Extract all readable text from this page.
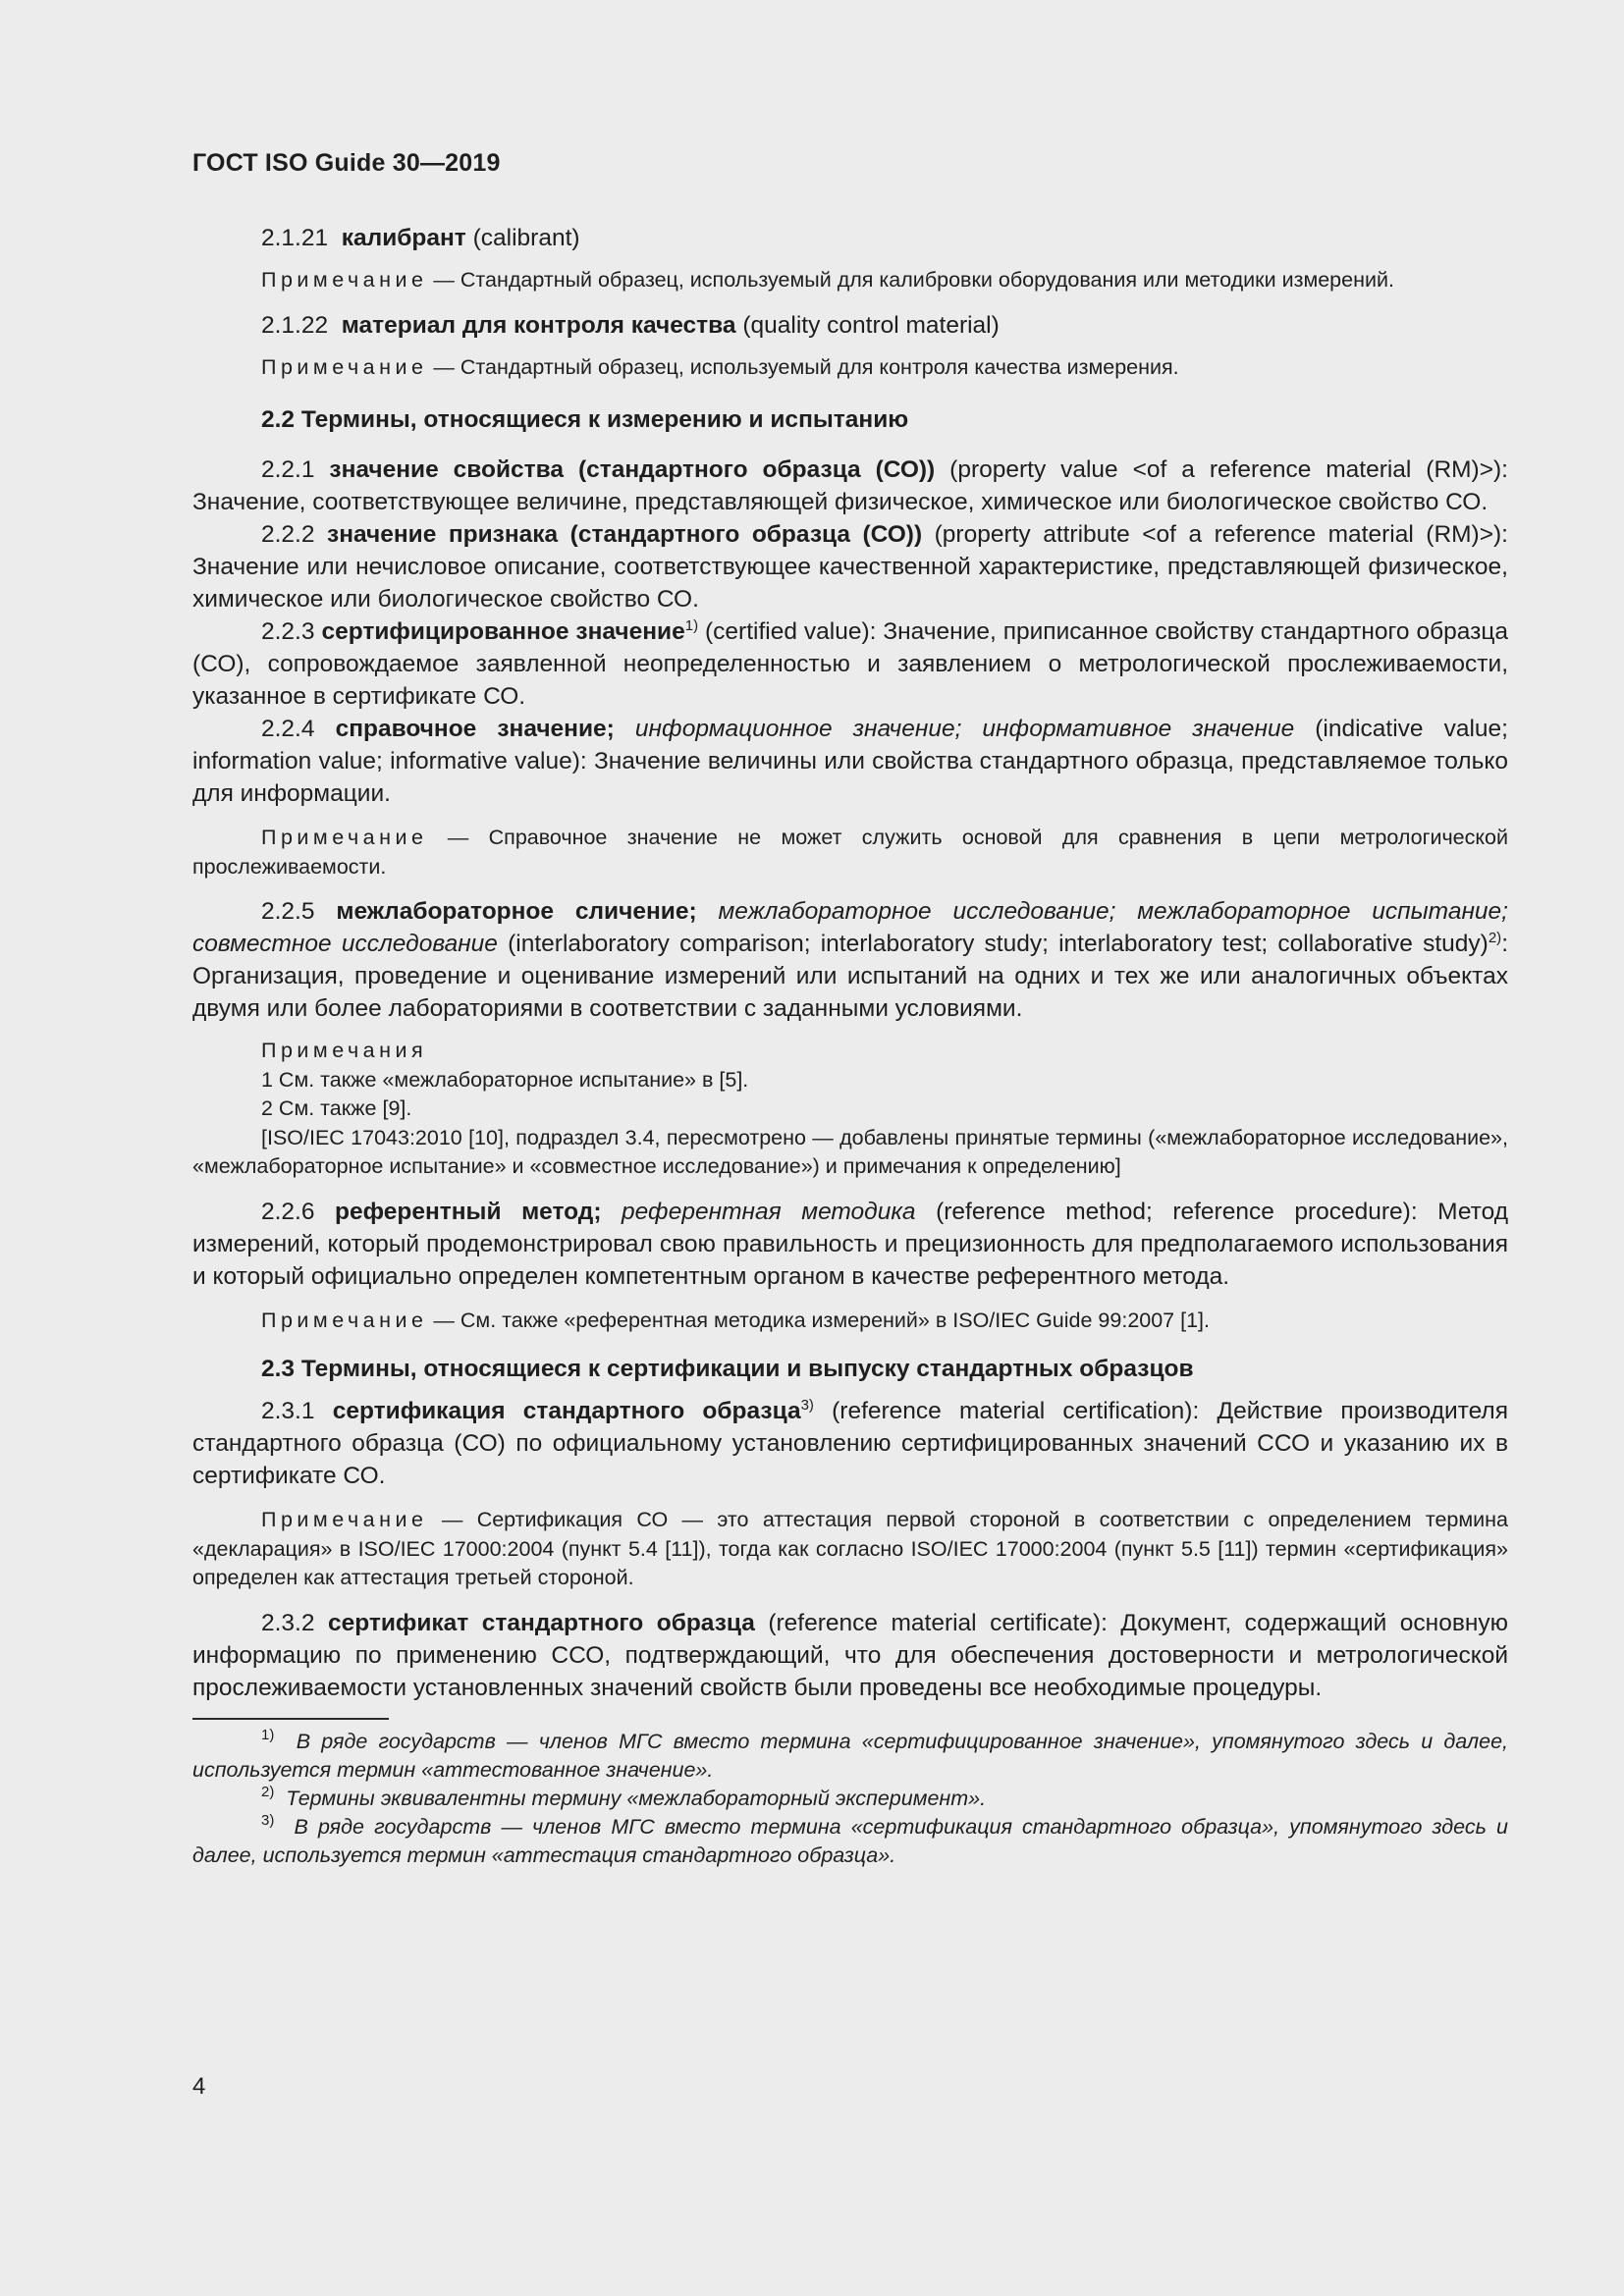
ГОСТ ISO Guide 30—2019

2.1.21 калибрант (calibrant)

Примечание — Стандартный образец, используемый для калибровки оборудования или методики измерений.

2.1.22 материал для контроля качества (quality control material)

Примечание — Стандартный образец, используемый для контроля качества измерения.

2.2 Термины, относящиеся к измерению и испытанию

2.2.1 значение свойства (стандартного образца (СО)) (property value <of a reference material (RM)>): Значение, соответствующее величине, представляющей физическое, химическое или биологическое свойство СО.

2.2.2 значение признака (стандартного образца (СО)) (property attribute <of a reference material (RM)>): Значение или нечисловое описание, соответствующее качественной характеристике, представляющей физическое, химическое или биологическое свойство СО.

2.2.3 сертифицированное значение$^{1)}$ (certified value): Значение, приписанное свойству стандартного образца (СО), сопровождаемое заявленной неопределенностью и заявлением о метрологической прослеживаемости, указанное в сертификате СО.

2.2.4 справочное значение; информационное значение; информативное значение (indicative value; information value; informative value): Значение величины или свойства стандартного образца, представляемое только для информации.

Примечание — Справочное значение не может служить основой для сравнения в цепи метрологической прослеживаемости.

2.2.5 межлабораторное сличение; межлабораторное исследование; межлабораторное испытание; совместное исследование (interlaboratory comparison; interlaboratory study; interlaboratory test; collaborative study)$^{2)}$: Организация, проведение и оценивание измерений или испытаний на одних и тех же или аналогичных объектах двумя или более лабораториями в соответствии с заданными условиями.

Примечания
1 См. также «межлабораторное испытание» в [5].
2 См. также [9].
[ISO/IEC 17043:2010 [10], подраздел 3.4, пересмотрено — добавлены принятые термины («межлабораторное исследование», «межлабораторное испытание» и «совместное исследование») и примечания к определению]

2.2.6 референтный метод; референтная методика (reference method; reference procedure): Метод измерений, который продемонстрировал свою правильность и прецизионность для предполагаемого использования и который официально определен компетентным органом в качестве референтного метода.

Примечание — См. также «референтная методика измерений» в ISO/IEC Guide 99:2007 [1].

2.3 Термины, относящиеся к сертификации и выпуску стандартных образцов

2.3.1 сертификация стандартного образца$^{3)}$ (reference material certification): Действие производителя стандартного образца (СО) по официальному установлению сертифицированных значений ССО и указанию их в сертификате СО.

Примечание — Сертификация СО — это аттестация первой стороной в соответствии с определением термина «декларация» в ISO/IEC 17000:2004 (пункт 5.4 [11]), тогда как согласно ISO/IEC 17000:2004 (пункт 5.5 [11]) термин «сертификация» определен как аттестация третьей стороной.

2.3.2 сертификат стандартного образца (reference material certificate): Документ, содержащий основную информацию по применению ССО, подтверждающий, что для обеспечения достоверности и метрологической прослеживаемости установленных значений свойств были проведены все необходимые процедуры.

$^{1)}$ В ряде государств — членов МГС вместо термина «сертифицированное значение», упомянутого здесь и далее, используется термин «аттестованное значение».

$^{2)}$ Термины эквивалентны термину «межлабораторный эксперимент».

$^{3)}$ В ряде государств — членов МГС вместо термина «сертификация стандартного образца», упомянутого здесь и далее, используется термин «аттестация стандартного образца».

4
